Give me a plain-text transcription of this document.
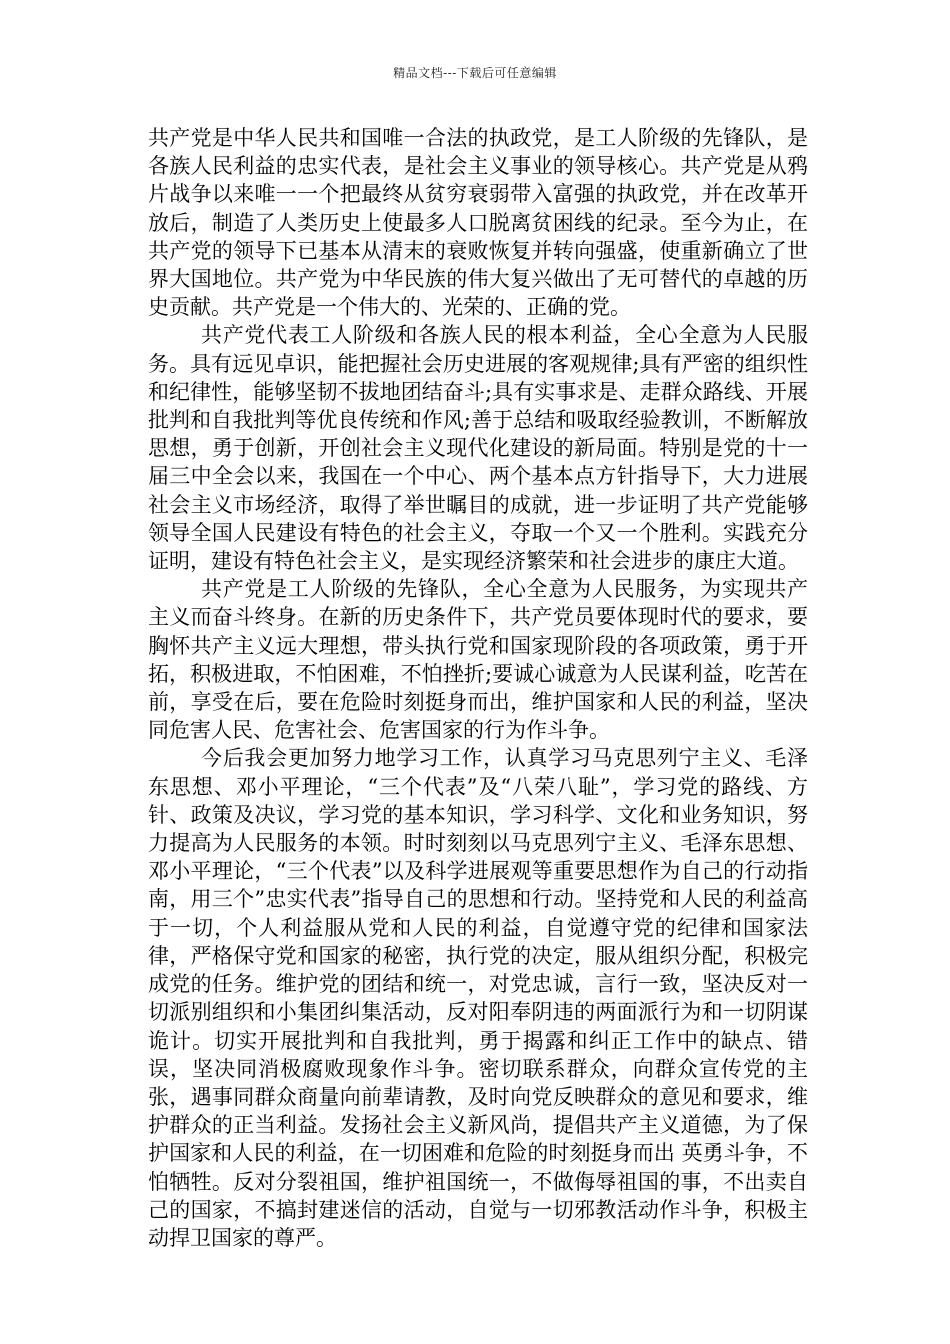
精品文档---下载后可任意编辑

共产党是中华人民共和国唯一合法的执政党，是工人阶级的先锋队，是各族人民利益的忠实代表，是社会主义事业的领导核心。共产党是从鸦片战争以来唯一一个把最终从贫穷衰弱带入富强的执政党，并在改革开放后，制造了人类历史上使最多人口脱离贫困线的纪录。至今为止，在共产党的领导下已基本从清末的衰败恢复并转向强盛，使重新确立了世界大国地位。共产党为中华民族的伟大复兴做出了无可替代的卓越的历史贡献。共产党是一个伟大的、光荣的、正确的党。

共产党代表工人阶级和各族人民的根本利益，全心全意为人民服务。具有远见卓识，能把握社会历史进展的客观规律;具有严密的组织性和纪律性，能够坚韧不拔地团结奋斗;具有实事求是、走群众路线、开展批判和自我批判等优良传统和作风;善于总结和吸取经验教训，不断解放思想，勇于创新，开创社会主义现代化建设的新局面。特别是党的十一届三中全会以来，我国在一个中心、两个基本点方针指导下，大力进展社会主义市场经济，取得了举世瞩目的成就，进一步证明了共产党能够领导全国人民建设有特色的社会主义，夺取一个又一个胜利。实践充分证明，建设有特色社会主义，是实现经济繁荣和社会进步的康庄大道。

共产党是工人阶级的先锋队，全心全意为人民服务，为实现共产主义而奋斗终身。在新的历史条件下，共产党员要体现时代的要求，要胸怀共产主义远大理想，带头执行党和国家现阶段的各项政策，勇于开拓，积极进取，不怕困难，不怕挫折;要诚心诚意为人民谋利益，吃苦在前，享受在后，要在危险时刻挺身而出，维护国家和人民的利益，坚决同危害人民、危害社会、危害国家的行为作斗争。

今后我会更加努力地学习工作，认真学习马克思列宁主义、毛泽东思想、邓小平理论，“三个代表”及“八荣八耻”，学习党的路线、方针、政策及决议，学习党的基本知识，学习科学、文化和业务知识，努力提高为人民服务的本领。时时刻刻以马克思列宁主义、毛泽东思想、邓小平理论，“三个代表”以及科学进展观等重要思想作为自己的行动指南，用三个”忠实代表”指导自己的思想和行动。坚持党和人民的利益高于一切，个人利益服从党和人民的利益，自觉遵守党的纪律和国家法律，严格保守党和国家的秘密，执行党的决定，服从组织分配，积极完成党的任务。维护党的团结和统一，对党忠诚，言行一致，坚决反对一切派别组织和小集团纠集活动，反对阳奉阴违的两面派行为和一切阴谋诡计。切实开展批判和自我批判，勇于揭露和纠正工作中的缺点、错误，坚决同消极腐败现象作斗争。密切联系群众，向群众宣传党的主张，遇事同群众商量向前辈请教，及时向党反映群众的意见和要求，维护群众的正当利益。发扬社会主义新风尚，提倡共产主义道德，为了保护国家和人民的利益，在一切困难和危险的时刻挺身而出 英勇斗争，不怕牺牲。反对分裂祖国，维护祖国统一，不做侮辱祖国的事，不出卖自己的国家，不搞封建迷信的活动，自觉与一切邪教活动作斗争，积极主动捍卫国家的尊严。
